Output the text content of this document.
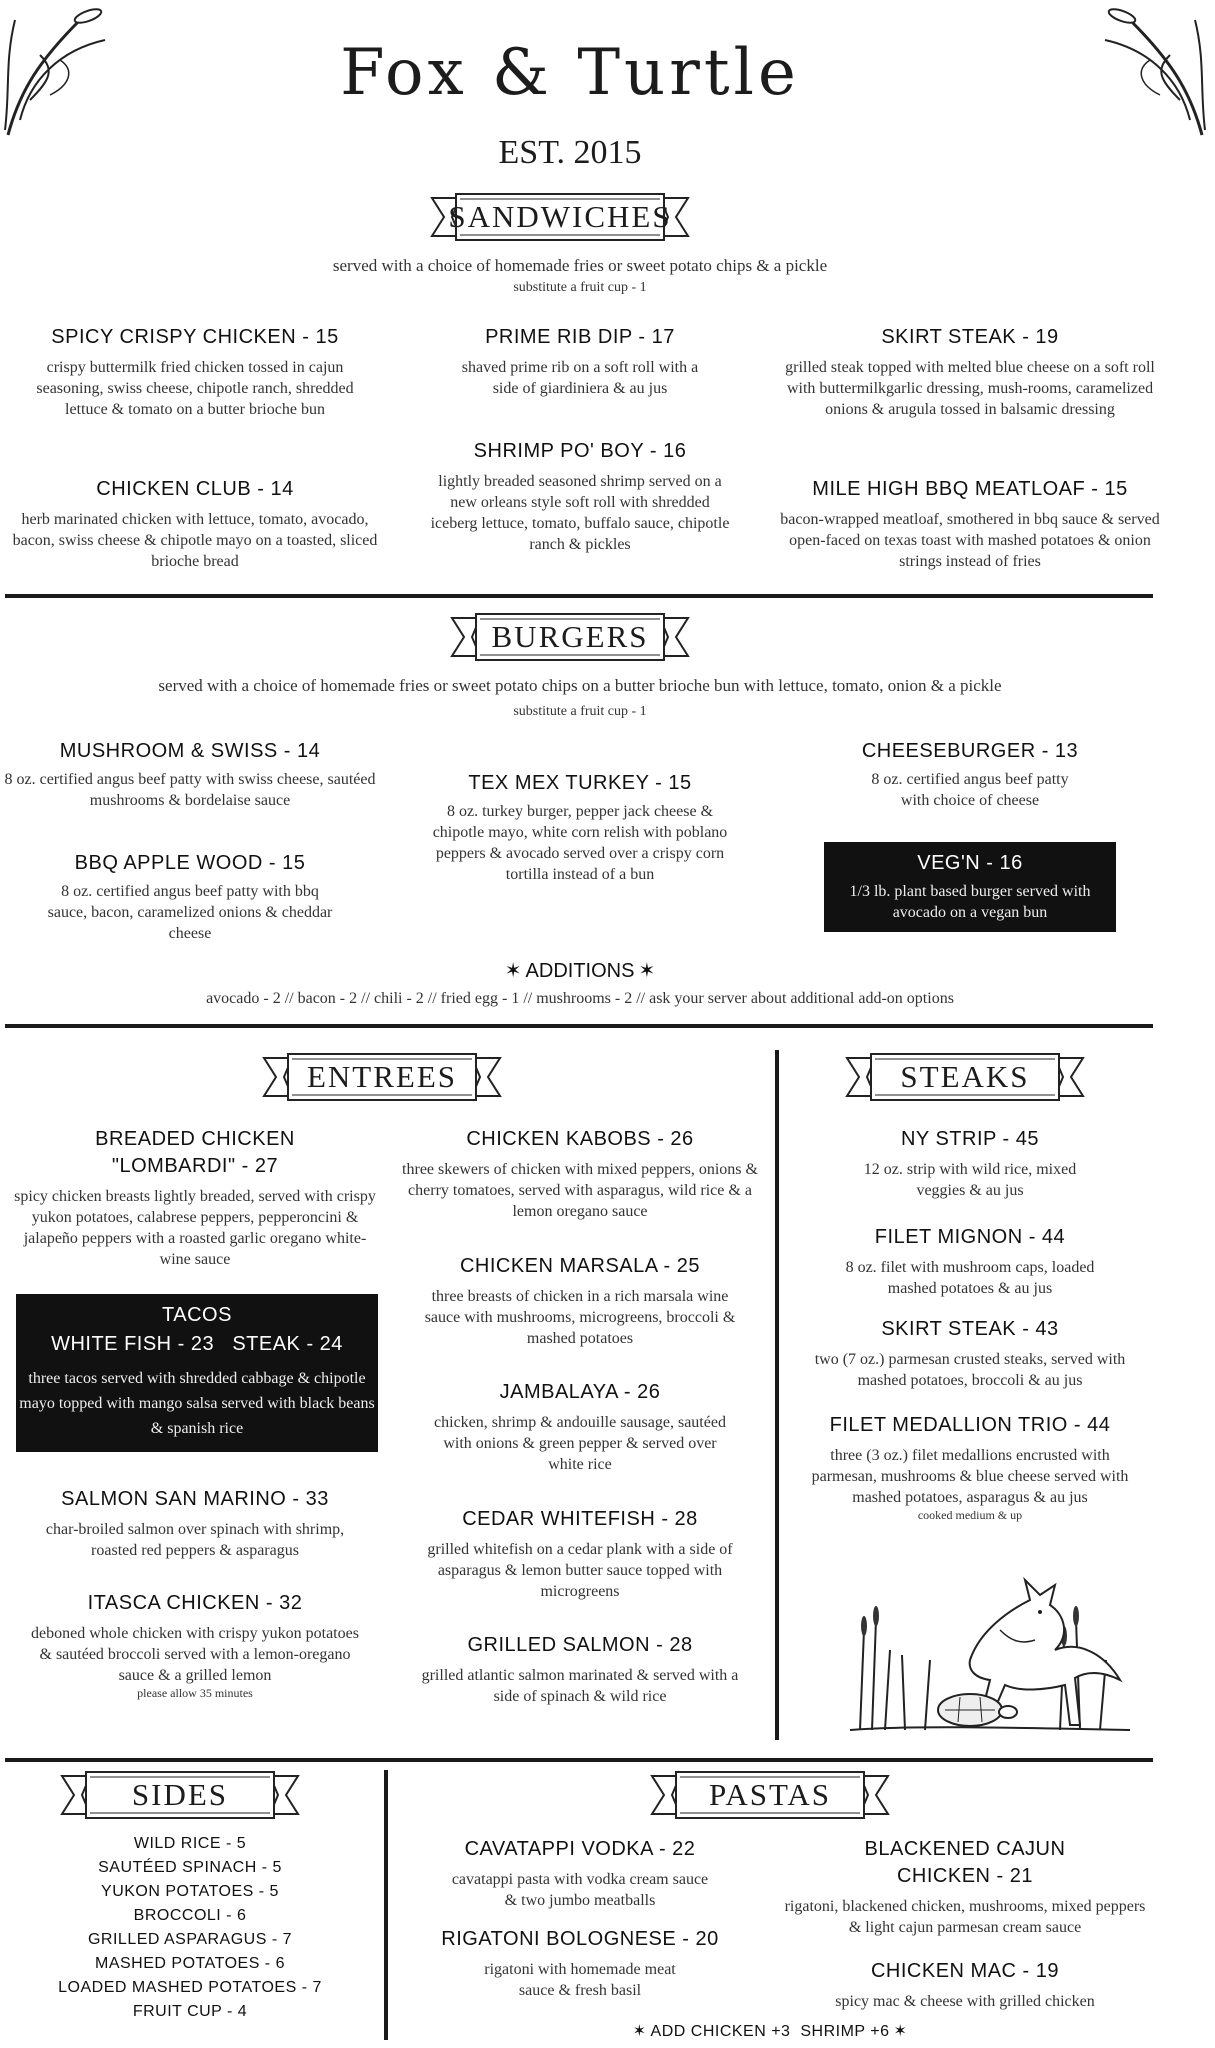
Fox & Turtle
EST. 2015
SANDWICHES
served with a choice of homemade fries or sweet potato chips & a pickle
substitute a fruit cup - 1
SPICY CRISPY CHICKEN - 15
crispy buttermilk fried chicken tossed in cajun seasoning, swiss cheese, chipotle ranch, shredded lettuce & tomato on a butter brioche bun
CHICKEN CLUB - 14
herb marinated chicken with lettuce, tomato, avocado, bacon, swiss cheese & chipotle mayo on a toasted, sliced brioche bread
PRIME RIB DIP - 17
shaved prime rib on a soft roll with a side of giardiniera & au jus
SHRIMP PO' BOY - 16
lightly breaded seasoned shrimp served on a new orleans style soft roll with shredded iceberg lettuce, tomato, buffalo sauce, chipotle ranch & pickles
SKIRT STEAK - 19
grilled steak topped with melted blue cheese on a soft roll with buttermilkgarlic dressing, mush-rooms, caramelized onions & arugula tossed in balsamic dressing
MILE HIGH BBQ MEATLOAF - 15
bacon-wrapped meatloaf, smothered in bbq sauce & served open-faced on texas toast with mashed potatoes & onion strings instead of fries
BURGERS
served with a choice of homemade fries or sweet potato chips on a butter brioche bun with lettuce, tomato, onion & a pickle
substitute a fruit cup - 1
MUSHROOM & SWISS - 14
8 oz. certified angus beef patty with swiss cheese, sautéed mushrooms & bordelaise sauce
BBQ APPLE WOOD - 15
8 oz. certified angus beef patty with bbq sauce, bacon, caramelized onions & cheddar cheese
TEX MEX TURKEY - 15
8 oz. turkey burger, pepper jack cheese & chipotle mayo, white corn relish with poblano peppers & avocado served over a crispy corn tortilla instead of a bun
CHEESEBURGER - 13
8 oz. certified angus beef patty with choice of cheese
VEG'N - 16
1/3 lb. plant based burger served with avocado on a vegan bun
✶ ADDITIONS ✶
avocado - 2 // bacon - 2 // chili - 2 // fried egg - 1 // mushrooms - 2 // ask your server about additional add-on options
ENTREES
BREADED CHICKEN
"LOMBARDI" - 27
spicy chicken breasts lightly breaded, served with crispy yukon potatoes, calabrese peppers, pepperoncini & jalapeño peppers with a roasted garlic oregano white-wine sauce
TACOS
WHITE FISH - 23   STEAK - 24
three tacos served with shredded cabbage & chipotle mayo topped with mango salsa served with black beans & spanish rice
SALMON SAN MARINO - 33
char-broiled salmon over spinach with shrimp, roasted red peppers & asparagus
ITASCA CHICKEN - 32
deboned whole chicken with crispy yukon potatoes & sautéed broccoli served with a lemon-oregano sauce & a grilled lemon
please allow 35 minutes
CHICKEN KABOBS - 26
three skewers of chicken with mixed peppers, onions & cherry tomatoes, served with asparagus, wild rice & a lemon oregano sauce
CHICKEN MARSALA - 25
three breasts of chicken in a rich marsala wine sauce with mushrooms, microgreens, broccoli & mashed potatoes
JAMBALAYA - 26
chicken, shrimp & andouille sausage, sautéed with onions & green pepper & served over white rice
CEDAR WHITEFISH - 28
grilled whitefish on a cedar plank with a side of asparagus & lemon butter sauce topped with microgreens
GRILLED SALMON - 28
grilled atlantic salmon marinated & served with a side of spinach & wild rice
STEAKS
NY STRIP - 45
12 oz. strip with wild rice, mixed veggies & au jus
FILET MIGNON - 44
8 oz. filet with mushroom caps, loaded mashed potatoes & au jus
SKIRT STEAK - 43
two (7 oz.) parmesan crusted steaks, served with mashed potatoes, broccoli & au jus
FILET MEDALLION TRIO - 44
three (3 oz.) filet medallions encrusted with parmesan, mushrooms & blue cheese served with mashed potatoes, asparagus & au jus
cooked medium & up
SIDES
WILD RICE - 5
SAUTÉED SPINACH - 5
YUKON POTATOES - 5
BROCCOLI - 6
GRILLED ASPARAGUS - 7
MASHED POTATOES - 6
LOADED MASHED POTATOES - 7
FRUIT CUP - 4
PASTAS
CAVATAPPI VODKA - 22
cavatappi pasta with vodka cream sauce & two jumbo meatballs
RIGATONI BOLOGNESE - 20
rigatoni with homemade meat sauce & fresh basil
BLACKENED CAJUN
CHICKEN - 21
rigatoni, blackened chicken, mushrooms, mixed peppers & light cajun parmesan cream sauce
CHICKEN MAC - 19
spicy mac & cheese with grilled chicken
✶ ADD CHICKEN +3  SHRIMP +6 ✶
